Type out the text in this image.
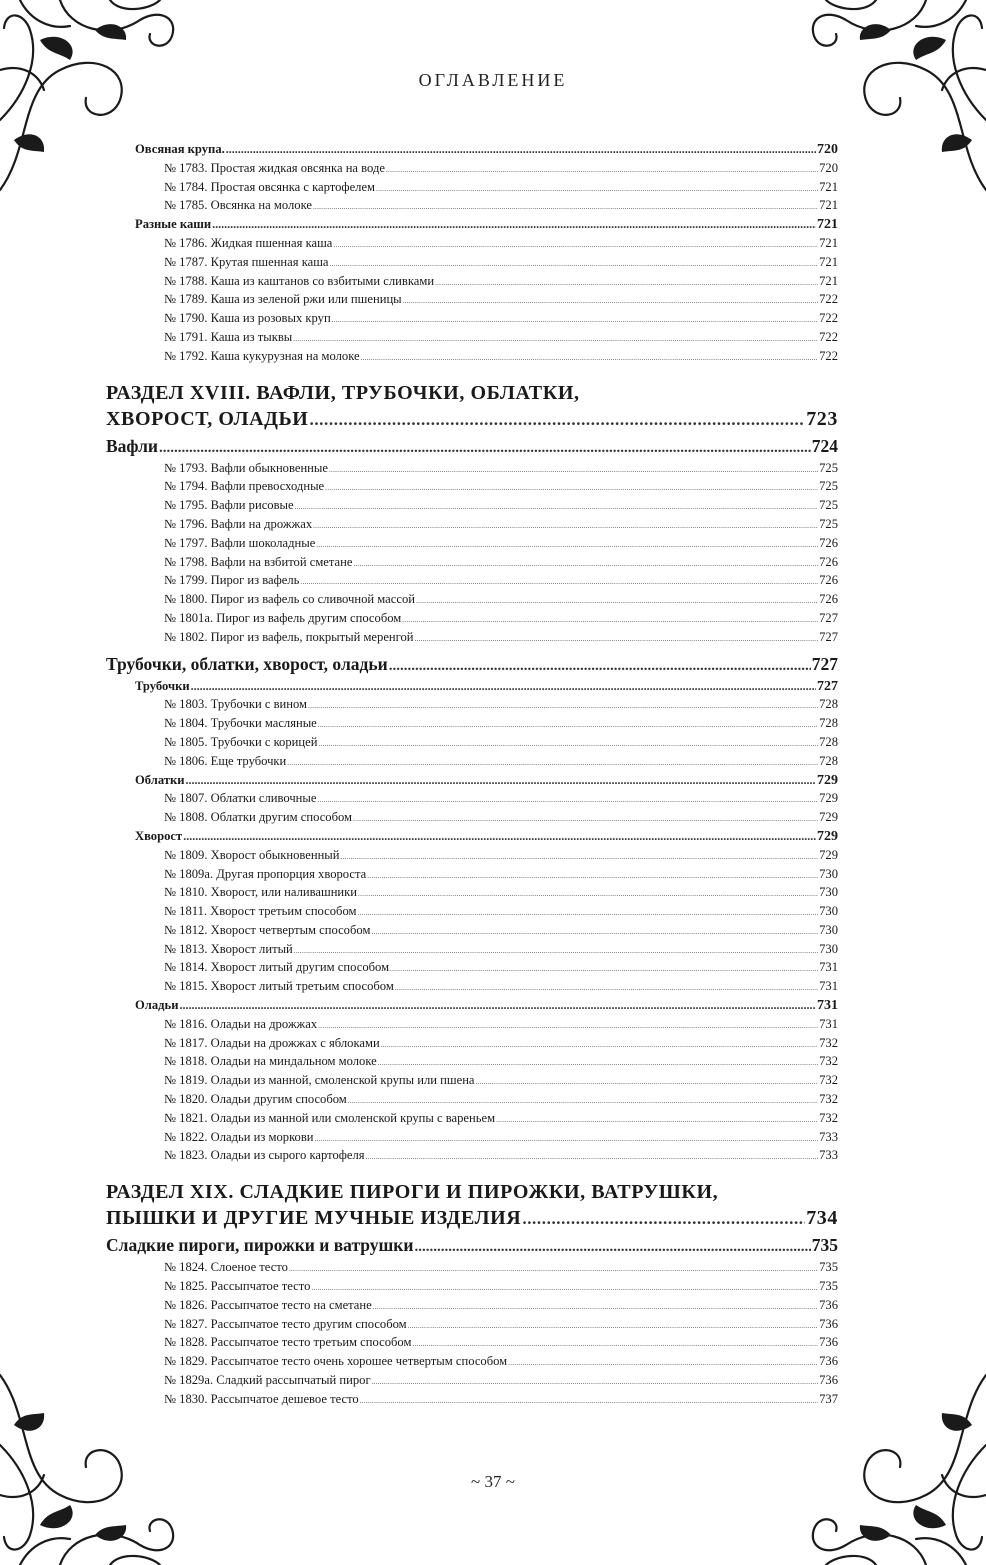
ОГЛАВЛЕНИЕ
Овсяная крупа. .....	720
№ 1783. Простая жидкая овсянка на воде .....	720
№ 1784. Простая овсянка с картофелем .....	721
№ 1785. Овсянка на молоке .....	721
Разные каши .....	721
№ 1786. Жидкая пшенная каша .....	721
№ 1787. Крутая пшенная каша .....	721
№ 1788. Каша из каштанов со взбитыми сливками .....	721
№ 1789. Каша из зеленой ржи или пшеницы .....	722
№ 1790. Каша из розовых круп .....	722
№ 1791. Каша из тыквы .....	722
№ 1792. Каша кукурузная на молоке .....	722
РАЗДЕЛ XVIII. ВАФЛИ, ТРУБОЧКИ, ОБЛАТКИ,
ХВОРОСТ, ОЛАДЬИ .....	723
Вафли .....	724
№ 1793. Вафли обыкновенные .....	725
№ 1794. Вафли превосходные .....	725
№ 1795. Вафли рисовые .....	725
№ 1796. Вафли на дрожжах .....	725
№ 1797. Вафли шоколадные .....	726
№ 1798. Вафли на взбитой сметане .....	726
№ 1799. Пирог из вафель .....	726
№ 1800. Пирог из вафель со сливочной массой .....	726
№ 1801а. Пирог из вафель другим способом .....	727
№ 1802. Пирог из вафель, покрытый меренгой .....	727
Трубочки, облатки, хворост, оладьи .....	727
Трубочки .....	727
№ 1803. Трубочки с вином .....	728
№ 1804. Трубочки масляные .....	728
№ 1805. Трубочки с корицей .....	728
№ 1806. Еще трубочки .....	728
Облатки .....	729
№ 1807. Облатки сливочные .....	729
№ 1808. Облатки другим способом .....	729
Хворост .....	729
№ 1809. Хворост обыкновенный .....	729
№ 1809а. Другая пропорция хвороста .....	730
№ 1810. Хворост, или наливашники .....	730
№ 1811. Хворост третьим способом .....	730
№ 1812. Хворост четвертым способом .....	730
№ 1813. Хворост литый .....	730
№ 1814. Хворост литый другим способом .....	731
№ 1815. Хворост литый третьим способом .....	731
Оладьи .....	731
№ 1816. Оладьи на дрожжах .....	731
№ 1817. Оладьи на дрожжах с яблоками .....	732
№ 1818. Оладьи на миндальном молоке .....	732
№ 1819. Оладьи из манной, смоленской крупы или пшена .....	732
№ 1820. Оладьи другим способом .....	732
№ 1821. Оладьи из манной или смоленской крупы с вареньем .....	732
№ 1822. Оладьи из моркови .....	733
№ 1823. Оладьи из сырого картофеля .....	733
РАЗДЕЛ XIX. СЛАДКИЕ ПИРОГИ И ПИРОЖКИ, ВАТРУШКИ,
ПЫШКИ И ДРУГИЕ МУЧНЫЕ ИЗДЕЛИЯ .....	734
Сладкие пироги, пирожки и ватрушки .....	735
№ 1824. Слоеное тесто .....	735
№ 1825. Рассыпчатое тесто .....	735
№ 1826. Рассыпчатое тесто на сметане .....	736
№ 1827. Рассыпчатое тесто другим способом .....	736
№ 1828. Рассыпчатое тесто третьим способом .....	736
№ 1829. Рассыпчатое тесто очень хорошее четвертым способом .....	736
№ 1829а. Сладкий рассыпчатый пирог .....	736
№ 1830. Рассыпчатое дешевое тесто .....	737
~ 37 ~
